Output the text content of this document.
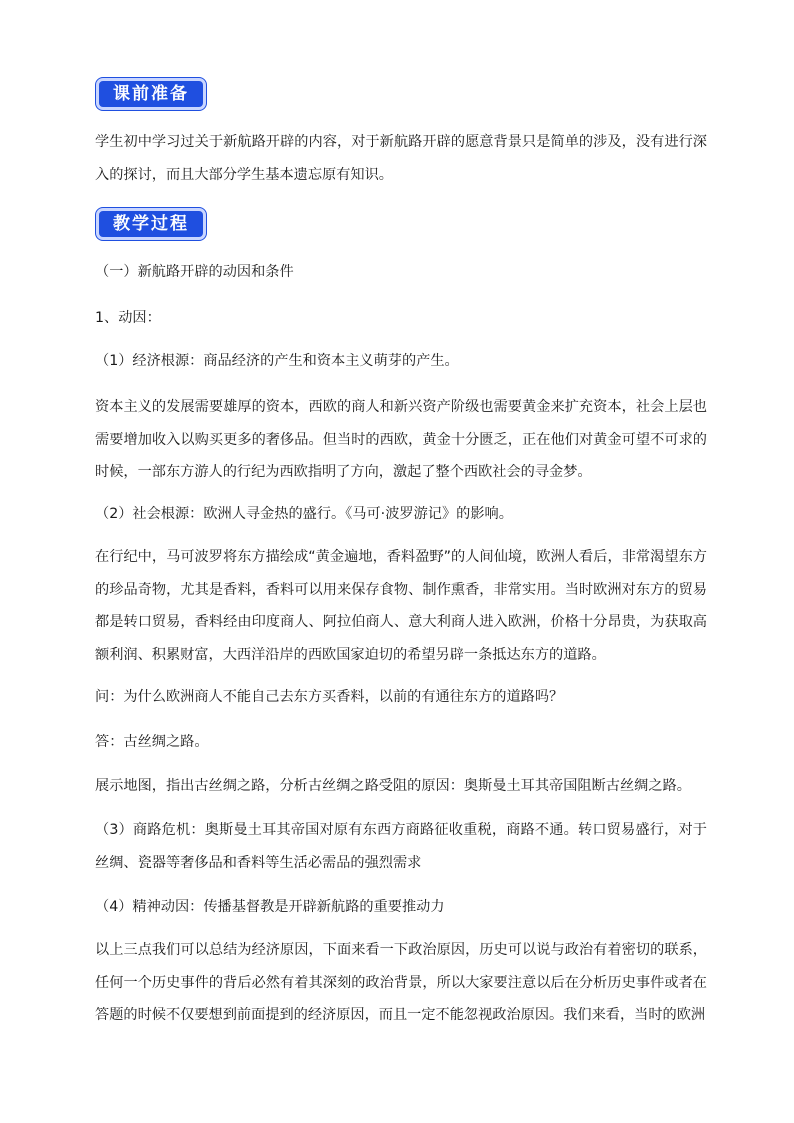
课前准备

学生初中学习过关于新航路开辟的内容，对于新航路开辟的愿意背景只是简单的涉及，没有进行深入的探讨，而且大部分学生基本遗忘原有知识。

教学过程

（一）新航路开辟的动因和条件

1、动因：

（1）经济根源：商品经济的产生和资本主义萌芽的产生。

资本主义的发展需要雄厚的资本，西欧的商人和新兴资产阶级也需要黄金来扩充资本，社会上层也需要增加收入以购买更多的奢侈品。但当时的西欧，黄金十分匮乏，正在他们对黄金可望不可求的时候，一部东方游人的行纪为西欧指明了方向，激起了整个西欧社会的寻金梦。

（2）社会根源：欧洲人寻金热的盛行。《马可·波罗游记》的影响。

在行纪中，马可波罗将东方描绘成“黄金遍地，香料盈野”的人间仙境，欧洲人看后，非常渴望东方的珍品奇物，尤其是香料，香料可以用来保存食物、制作熏香，非常实用。当时欧洲对东方的贸易都是转口贸易，香料经由印度商人、阿拉伯商人、意大利商人进入欧洲，价格十分昂贵，为获取高额利润、积累财富，大西洋沿岸的西欧国家迫切的希望另辟一条抵达东方的道路。

问：为什么欧洲商人不能自己去东方买香料，以前的有通往东方的道路吗？

答：古丝绸之路。

展示地图，指出古丝绸之路，分析古丝绸之路受阻的原因：奥斯曼土耳其帝国阻断古丝绸之路。

（3）商路危机：奥斯曼土耳其帝国对原有东西方商路征收重税，商路不通。转口贸易盛行，对于丝绸、瓷器等奢侈品和香料等生活必需品的强烈需求

（4）精神动因：传播基督教是开辟新航路的重要推动力

以上三点我们可以总结为经济原因，下面来看一下政治原因，历史可以说与政治有着密切的联系，任何一个历史事件的背后必然有着其深刻的政治背景，所以大家要注意以后在分析历史事件或者在答题的时候不仅要想到前面提到的经济原因，而且一定不能忽视政治原因。我们来看，当时的欧洲
